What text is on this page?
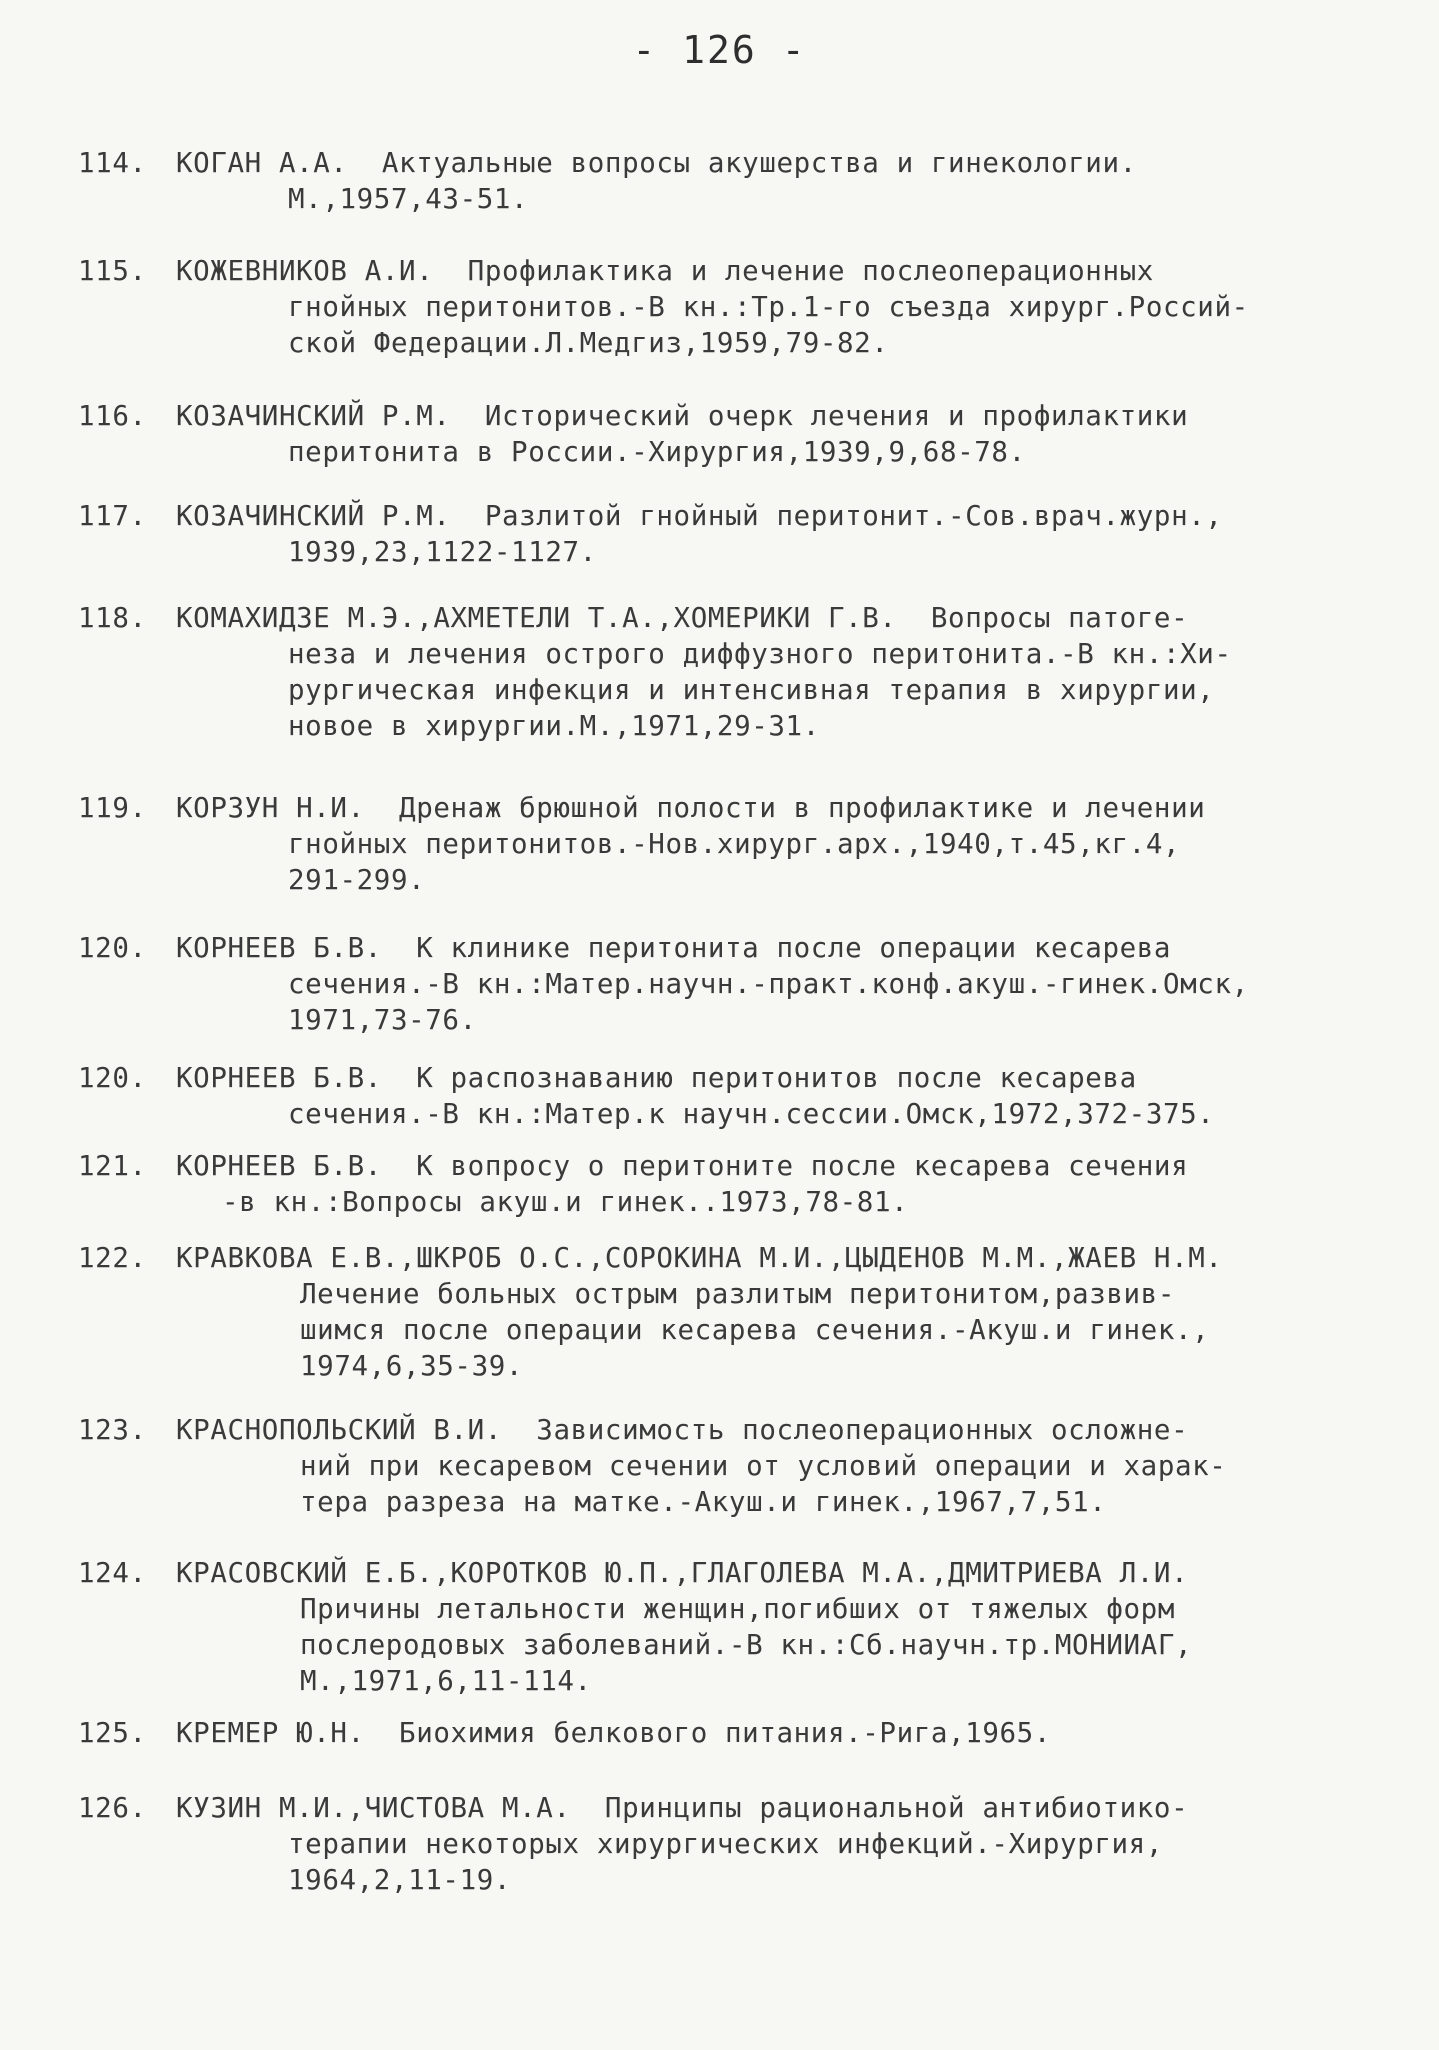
- 126 -
114. КОГАН А.А.  Актуальные вопросы акушерства и гинекологии.
М.,1957,43-51.
115. КОЖЕВНИКОВ А.И.  Профилактика и лечение послеоперационных
гнойных перитонитов.-В кн.:Тр.1-го съезда хирург.Россий-
ской Федерации.Л.Медгиз,1959,79-82.
116. КОЗАЧИНСКИЙ Р.М.  Исторический очерк лечения и профилактики
перитонита в России.-Хирургия,1939,9,68-78.
117. КОЗАЧИНСКИЙ Р.М.  Разлитой гнойный перитонит.-Сов.врач.журн.,
1939,23,1122-1127.
118. КОМАХИДЗЕ М.Э.,АХМЕТЕЛИ Т.А.,ХОМЕРИКИ Г.В.  Вопросы патоге-
неза и лечения острого диффузного перитонита.-В кн.:Хи-
рургическая инфекция и интенсивная терапия в хирургии,
новое в хирургии.М.,1971,29-31.
119. КОРЗУН Н.И.  Дренаж брюшной полости в профилактике и лечении
гнойных перитонитов.-Нов.хирург.арх.,1940,т.45,кг.4,
291-299.
120. КОРНЕЕВ Б.В.  К клинике перитонита после операции кесарева
сечения.-В кн.:Матер.научн.-практ.конф.акуш.-гинек.Омск,
1971,73-76.
120. КОРНЕЕВ Б.В.  К распознаванию перитонитов после кесарева
сечения.-В кн.:Матер.к научн.сессии.Омск,1972,372-375.
121. КОРНЕЕВ Б.В.  К вопросу о перитоните после кесарева сечения
-в кн.:Вопросы акуш.и гинек..1973,78-81.
122. КРАВКОВА Е.В.,ШКРОБ О.С.,СОРОКИНА М.И.,ЦЫДЕНОВ М.М.,ЖАЕВ Н.М.
Лечение больных острым разлитым перитонитом,развив-
шимся после операции кесарева сечения.-Акуш.и гинек.,
1974,6,35-39.
123. КРАСНОПОЛЬСКИЙ В.И.  Зависимость послеоперационных осложне-
ний при кесаревом сечении от условий операции и харак-
тера разреза на матке.-Акуш.и гинек.,1967,7,51.
124. КРАСОВСКИЙ Е.Б.,КОРОТКОВ Ю.П.,ГЛАГОЛЕВА М.А.,ДМИТРИЕВА Л.И.
Причины летальности женщин,погибших от тяжелых форм
послеродовых заболеваний.-В кн.:Сб.научн.тр.МОНИИАГ,
М.,1971,6,11-114.
125. КРЕМЕР Ю.Н.  Биохимия белкового питания.-Рига,1965.
126. КУЗИН М.И.,ЧИСТОВА М.А.  Принципы рациональной антибиотико-
терапии некоторых хирургических инфекций.-Хирургия,
1964,2,11-19.
